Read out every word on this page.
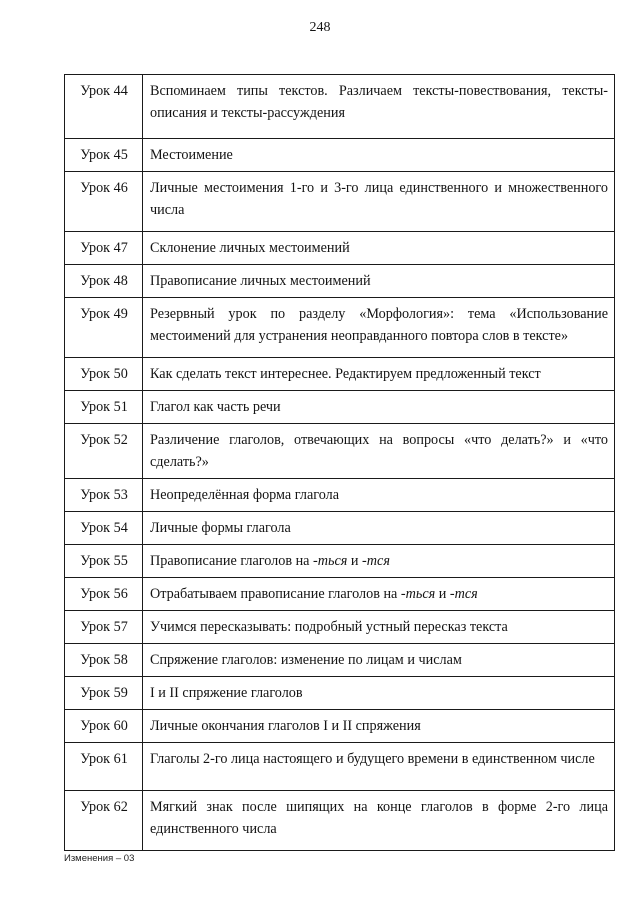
248
Урок 44	Вспоминаем типы текстов. Различаем тексты-повествования, тексты-описания и тексты-рассуждения
Урок 45	Местоимение
Урок 46	Личные местоимения 1-го и 3-го лица единственного и множественного числа
Урок 47	Склонение личных местоимений
Урок 48	Правописание личных местоимений
Урок 49	Резервный урок по разделу «Морфология»: тема «Использование местоимений для устранения неоправданного повтора слов в тексте»
Урок 50	Как сделать текст интереснее. Редактируем предложенный текст
Урок 51	Глагол как часть речи
Урок 52	Различение глаголов, отвечающих на вопросы «что делать?» и «что сделать?»
Урок 53	Неопределённая форма глагола
Урок 54	Личные формы глагола
Урок 55	Правописание глаголов на -ться и -тся
Урок 56	Отрабатываем правописание глаголов на -ться и -тся
Урок 57	Учимся пересказывать: подробный устный пересказ текста
Урок 58	Спряжение глаголов: изменение по лицам и числам
Урок 59	I и II спряжение глаголов
Урок 60	Личные окончания глаголов I и II спряжения
Урок 61	Глаголы 2-го лица настоящего и будущего времени в единственном числе
Урок 62	Мягкий знак после шипящих на конце глаголов в форме 2-го лица единственного числа
Изменения – 03
